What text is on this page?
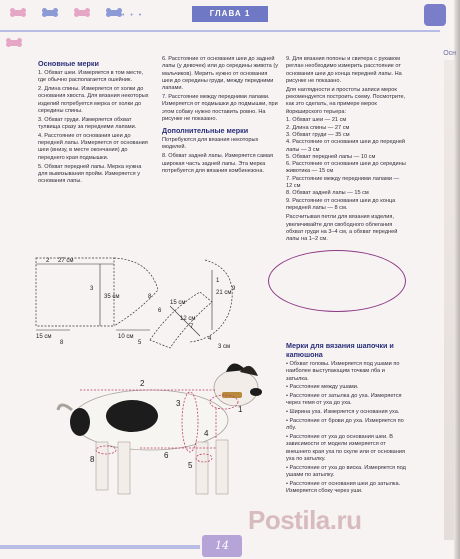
• • •	ГЛАВА 1
Осн
Основные мерки

1. Обхват шеи. Измеряется в том месте, где обычно располагается ошейник.

2. Длина спины. Измеряется от холки до основания хвоста. Для вязания некоторых изделий потребуется мерка от холки до середины спины.

3. Обхват груди. Измеряется обхват тулвища сразу за передними лапами.

4. Расстояние от основания шеи до передней лапы. Измеряется от основания шеи (внизу, в месте окончания) до переднего края подмышки.

5. Обхват передней лапы. Мерка нужна для вывязывания пройм. Измеряется у основания лапы.

6. Расстояние от основания шеи до задней лапы (у девочек) или до середины живота (у мальчиков). Мерить нужно от основания шеи до середины груди, между передними лапами.

7. Расстояние между передними лапами. Измеряется от подмышки до подмышки, при этом собаку нужно поставить ровно. На рисунке не показано.

Дополнительные мерки

Потребуются для вязания некоторых моделей.

8. Обхват задней лапы. Измеряется самая широкая часть задней лапы. Эта мерка потребуется для вязания комбинезона.

9. Для вязания попоны и свитера с рукавом реглан необходимо измерить расстояние от основания шеи до конца передней лапы. На рисунке не показано.

Для наглядности и простоты записи мерок рекомендуется построить схему. Посмотрите, как это сделать, на примере мерок йоркширского терьера:

1. Обхват шеи — 21 см

2. Длина спины — 27 см

3. Обхват груди — 35 см

4. Расстояние от основания шеи до передней лапы — 3 см

5. Обхват передней лапы — 10 см

6. Расстояние от основания шеи до середины животика — 15 см

7. Расстояние между передними лапами — 12 см

8. Обхват задней лапы — 15 см

9. Расстояние от основания шеи до конца передней лапы — 8 см.

Рассчитывая петли для вязания изделия, увеличивайте для свободного облегания обхват груди на 3–4 см, а обхват передней лапы на 1–2 см.

Мерки для вязания шапочки и капюшона

• Обхват головы. Измеряется под ушами по наиболее выступающим точкам лба и затылка.

• Расстояние между ушами.

• Расстояние от затылка до уха. Измеряется через темя от уха до уха.

• Ширина уха. Измеряется у основания уха.

• Расстояние от брови до уха. Измеряется по лбу.

• Расстояние от уха до основания шеи. В зависимости от модели измеряется от внешнего края уха по скуле или от основания уха по затылку.

• Расстояние от уха до виска. Измеряется под ушами по затылку.

• Расстояние от основания шеи до затылка. Измеряется сбоку через уши.

2 27 см
3
35 см
15 см
8
10 см
5
8
6
15 см
7
12 см
1
21 см
9
4
3 см
2
3
1
4
5
6
8
Postila.ru
14
